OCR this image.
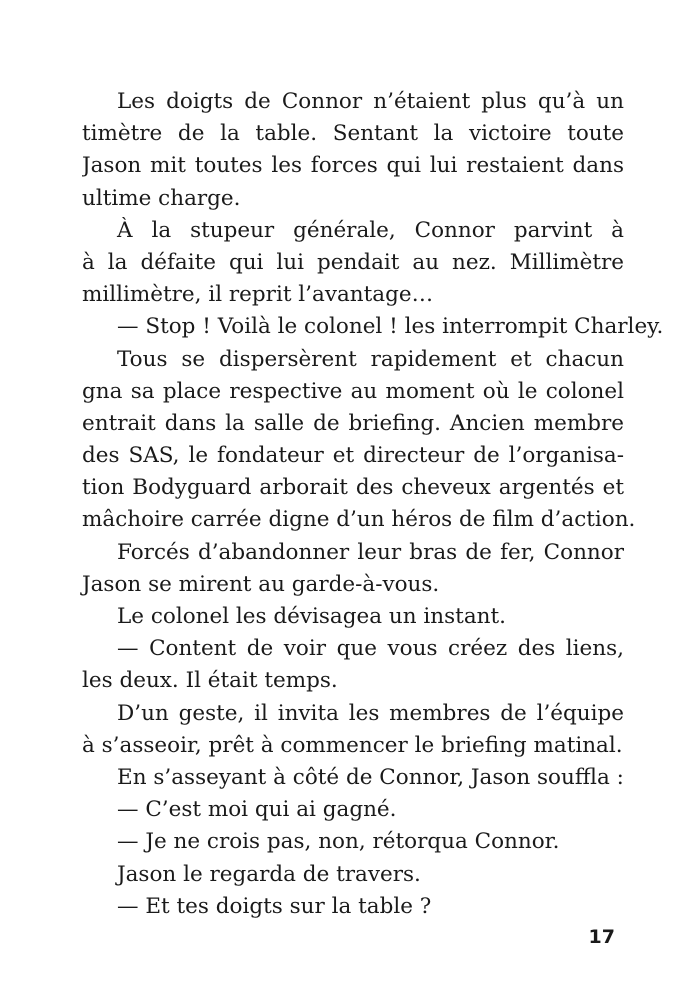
Les doigts de Connor n’étaient plus qu’à un
timètre de la table. Sentant la victoire toute
Jason mit toutes les forces qui lui restaient dans
ultime charge.
À la stupeur générale, Connor parvint à
à la défaite qui lui pendait au nez. Millimètre
millimètre, il reprit l’avantage…
— Stop ! Voilà le colonel ! les interrompit Charley.
Tous se dispersèrent rapidement et chacun
gna sa place respective au moment où le colonel
entrait dans la salle de briefing. Ancien membre
des SAS, le fondateur et directeur de l’organisa-
tion Bodyguard arborait des cheveux argentés et
mâchoire carrée digne d’un héros de film d’action.
Forcés d’abandonner leur bras de fer, Connor
Jason se mirent au garde-à-vous.
Le colonel les dévisagea un instant.
— Content de voir que vous créez des liens,
les deux. Il était temps.
D’un geste, il invita les membres de l’équipe
à s’asseoir, prêt à commencer le briefing matinal.
En s’asseyant à côté de Connor, Jason souffla :
— C’est moi qui ai gagné.
— Je ne crois pas, non, rétorqua Connor.
Jason le regarda de travers.
— Et tes doigts sur la table ?
17
